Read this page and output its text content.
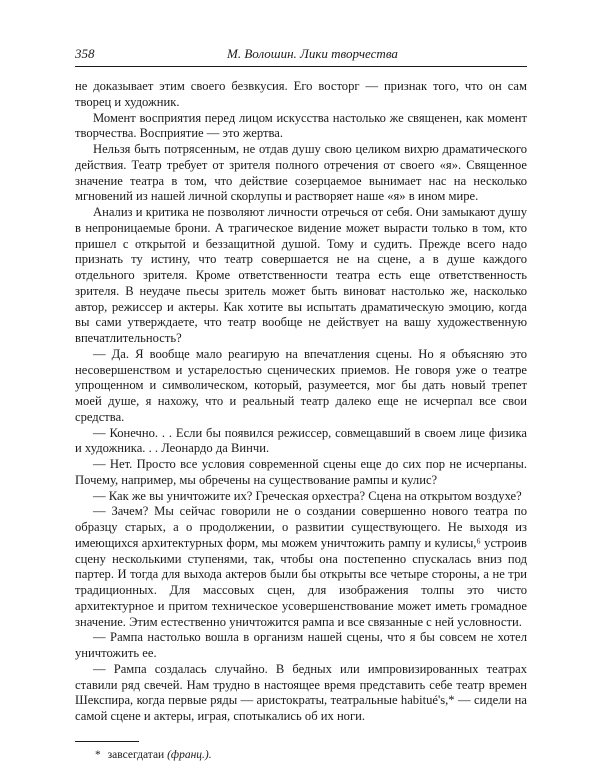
358	М. Волошин. Лики творчества

не доказывает этим своего безвкусия. Его восторг — признак того, что он сам творец и художник.

Момент восприятия перед лицом искусства настолько же священен, как момент творчества. Восприятие — это жертва.

Нельзя быть потрясенным, не отдав душу свою целиком вихрю драматического действия. Театр требует от зрителя полного отречения от своего «я». Священное значение театра в том, что действие созерцаемое вынимает нас на несколько мгновений из нашей личной скорлупы и растворяет наше «я» в ином мире.

Анализ и критика не позволяют личности отречься от себя. Они замыкают душу в непроницаемые брони. А трагическое видение может вырасти только в том, кто пришел с открытой и беззащитной душой. Тому и судить. Прежде всего надо признать ту истину, что театр совершается не на сцене, а в душе каждого отдельного зрителя. Кроме ответственности театра есть еще ответственность зрителя. В неудаче пьесы зритель может быть виноват настолько же, насколько автор, режиссер и актеры. Как хотите вы испытать драматическую эмоцию, когда вы сами утверждаете, что театр вообще не действует на вашу художественную впечатлительность?

— Да. Я вообще мало реагирую на впечатления сцены. Но я объясняю это несовершенством и устарелостью сценических приемов. Не говоря уже о театре упрощенном и символическом, который, разумеется, мог бы дать новый трепет моей душе, я нахожу, что и реальный театр далеко еще не исчерпал все свои средства.

— Конечно. . . Если бы появился режиссер, совмещавший в своем лице физика и художника. . . Леонардо да Винчи.

— Нет. Просто все условия современной сцены еще до сих пор не исчерпаны. Почему, например, мы обречены на существование рампы и кулис?

— Как же вы уничтожите их? Греческая орхестра? Сцена на открытом воздухе?

— Зачем? Мы сейчас говорили не о создании совершенно нового театра по образцу старых, а о продолжении, о развитии существующего. Не выходя из имеющихся архитектурных форм, мы можем уничтожить рампу и кулисы,⁶ устроив сцену несколькими ступенями, так, чтобы она постепенно спускалась вниз под партер. И тогда для выхода актеров были бы открыты все четыре стороны, а не три традиционных. Для массовых сцен, для изображения толпы это чисто архитектурное и притом техническое усовершенствование может иметь громадное значение. Этим естественно уничтожится рампа и все связанные с ней условности.

— Рампа настолько вошла в организм нашей сцены, что я бы совсем не хотел уничтожить ее.

— Рампа создалась случайно. В бедных или импровизированных театрах ставили ряд свечей. Нам трудно в настоящее время представить себе театр времен Шекспира, когда первые ряды — аристократы, театральные habitué's,* — сидели на самой сцене и актеры, играя, спотыкались об их ноги.

* завсегдатаи (франц.).
